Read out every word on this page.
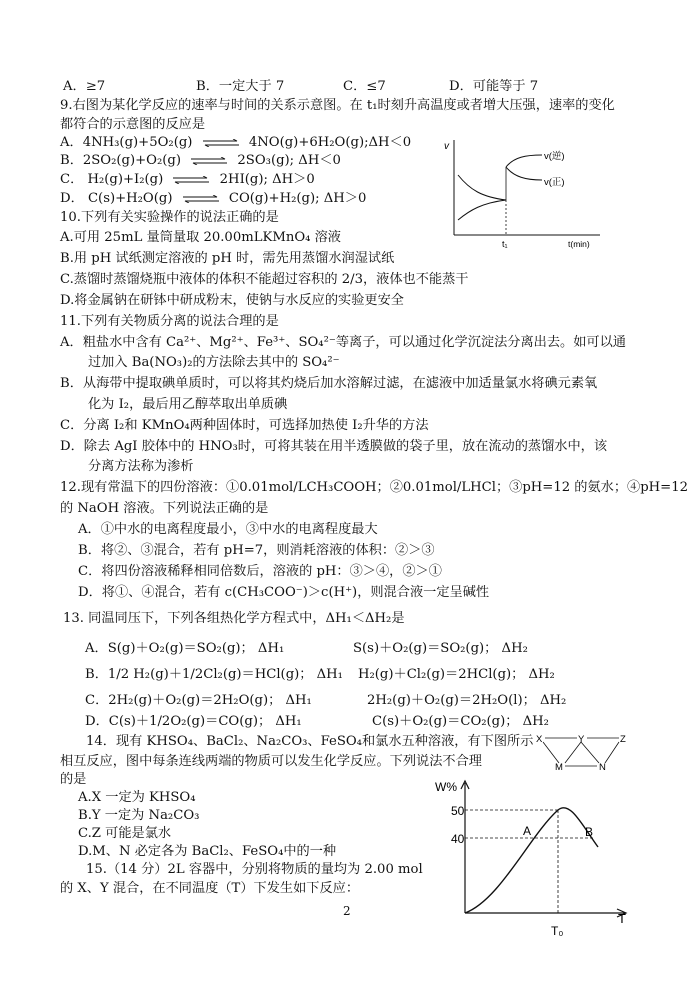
A．≥7	B．一定大于 7	C．≤7	D．可能等于 7
9.右图为某化学反应的速率与时间的关系示意图。在 t₁时刻升高温度或者增大压强，速率的变化
都符合的示意图的反应是
A．4NH₃(g)+5O₂(g) ⇌ 4NO(g)+6H₂O(g);ΔH＜0
B．2SO₂(g)+O₂(g) ⇌ 2SO₃(g); ΔH＜0
C． H₂(g)+I₂(g) ⇌ 2HI(g); ΔH＞0
D． C(s)+H₂O(g) ⇌ CO(g)+H₂(g); ΔH＞0
v
v(逆)
v(正)
t₁	t(min)
10.下列有关实验操作的说法正确的是
A.可用 25mL 量筒量取 20.00mLKMnO₄ 溶液
B.用 pH 试纸测定溶液的 pH 时，需先用蒸馏水润湿试纸
C.蒸馏时蒸馏烧瓶中液体的体积不能超过容积的 2/3，液体也不能蒸干
D.将金属钠在研钵中研成粉末，使钠与水反应的实验更安全
11.下列有关物质分离的说法合理的是
A．粗盐水中含有 Ca²⁺、Mg²⁺、Fe³⁺、SO₄²⁻等离子，可以通过化学沉淀法分离出去。如可以通
过加入 Ba(NO₃)₂的方法除去其中的 SO₄²⁻
B．从海带中提取碘单质时，可以将其灼烧后加水溶解过滤，在滤液中加适量氯水将碘元素氧
化为 I₂，最后用乙醇萃取出单质碘
C．分离 I₂和 KMnO₄两种固体时，可选择加热使 I₂升华的方法
D．除去 AgI 胶体中的 HNO₃时，可将其装在用半透膜做的袋子里，放在流动的蒸馏水中，该
分离方法称为渗析
12.现有常温下的四份溶液：①0.01mol/LCH₃COOH；②0.01mol/LHCl；③pH=12 的氨水；④pH=12
的 NaOH 溶液。下列说法正确的是
A．①中水的电离程度最小，③中水的电离程度最大
B．将②、③混合，若有 pH=7，则消耗溶液的体积：②＞③
C．将四份溶液稀释相同倍数后，溶液的 pH：③＞④，②＞①
D．将①、④混合，若有 c(CH₃COO⁻)＞c(H⁺)，则混合液一定呈碱性
13. 同温同压下，下列各组热化学方程式中，ΔH₁＜ΔH₂是
A．S(g)＋O₂(g)＝SO₂(g)； ΔH₁	S(s)＋O₂(g)＝SO₂(g)； ΔH₂
B．1/2 H₂(g)＋1/2Cl₂(g)＝HCl(g)； ΔH₁ H₂(g)＋Cl₂(g)＝2HCl(g)； ΔH₂
C．2H₂(g)＋O₂(g)＝2H₂O(g)； ΔH₁	2H₂(g)＋O₂(g)＝2H₂O(l)； ΔH₂
D．C(s)＋1/2O₂(g)＝CO(g)； ΔH₁	C(s)＋O₂(g)＝CO₂(g)； ΔH₂
14．现有 KHSO₄、BaCl₂、Na₂CO₃、FeSO₄和氯水五种溶液，有下图所示
相互反应，图中每条连线两端的物质可以发生化学反应。下列说法不合理
的是
A.X 一定为 KHSO₄
B.Y 一定为 Na₂CO₃
C.Z 可能是氯水
D.M、N 必定各为 BaCl₂、FeSO₄中的一种
X	Y	Z
M	N
W%
50
40
A	B
T
T₀
15.（14 分）2L 容器中，分别将物质的量均为 2.00 mol
的 X、Y 混合，在不同温度（T）下发生如下反应：
2
